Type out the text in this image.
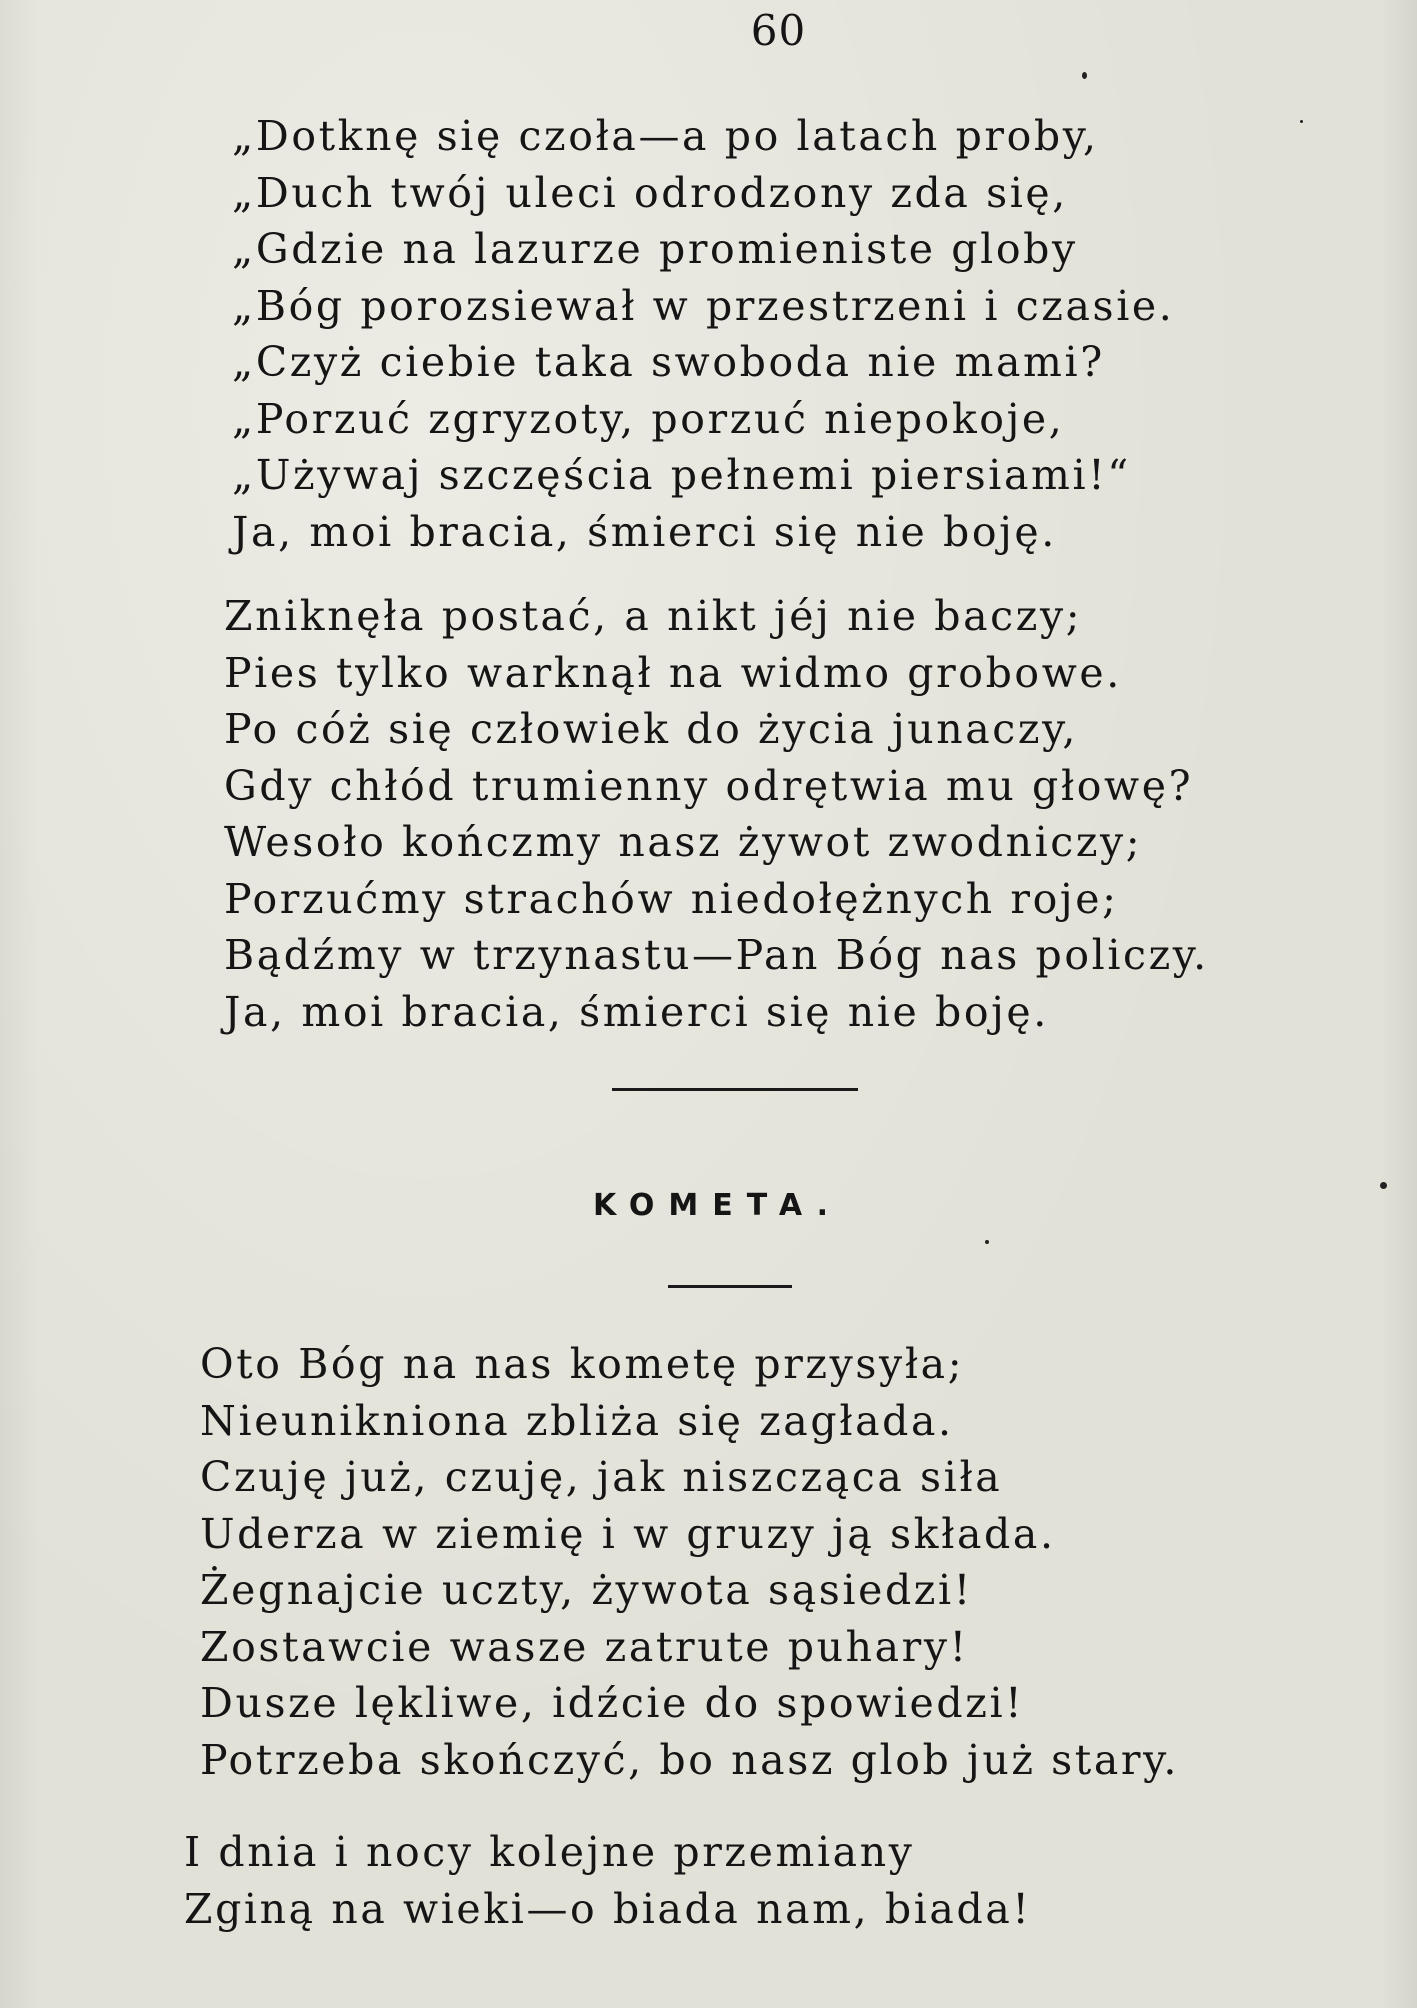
60
„Dotknę się czoła—a po latach proby,
„Duch twój uleci odrodzony zda się,
„Gdzie na lazurze promieniste globy
„Bóg porozsiewał w przestrzeni i czasie.
„Czyż ciebie taka swoboda nie mami?
„Porzuć zgryzoty, porzuć niepokoje,
„Używaj szczęścia pełnemi piersiami!“
Ja, moi bracia, śmierci się nie boję.
Zniknęła postać, a nikt jéj nie baczy;
Pies tylko warknął na widmo grobowe.
Po cóż się człowiek do życia junaczy,
Gdy chłód trumienny odrętwia mu głowę?
Wesoło kończmy nasz żywot zwodniczy;
Porzućmy strachów niedołężnych roje;
Bądźmy w trzynastu—Pan Bóg nas policzy.
Ja, moi bracia, śmierci się nie boję.
KOMETA.
Oto Bóg na nas kometę przysyła;
Nieunikniona zbliża się zagłada.
Czuję już, czuję, jak niszcząca siła
Uderza w ziemię i w gruzy ją składa.
Żegnajcie uczty, żywota sąsiedzi!
Zostawcie wasze zatrute puhary!
Dusze lękliwe, idźcie do spowiedzi!
Potrzeba skończyć, bo nasz glob już stary.
I dnia i nocy kolejne przemiany
Zginą na wieki—o biada nam, biada!
